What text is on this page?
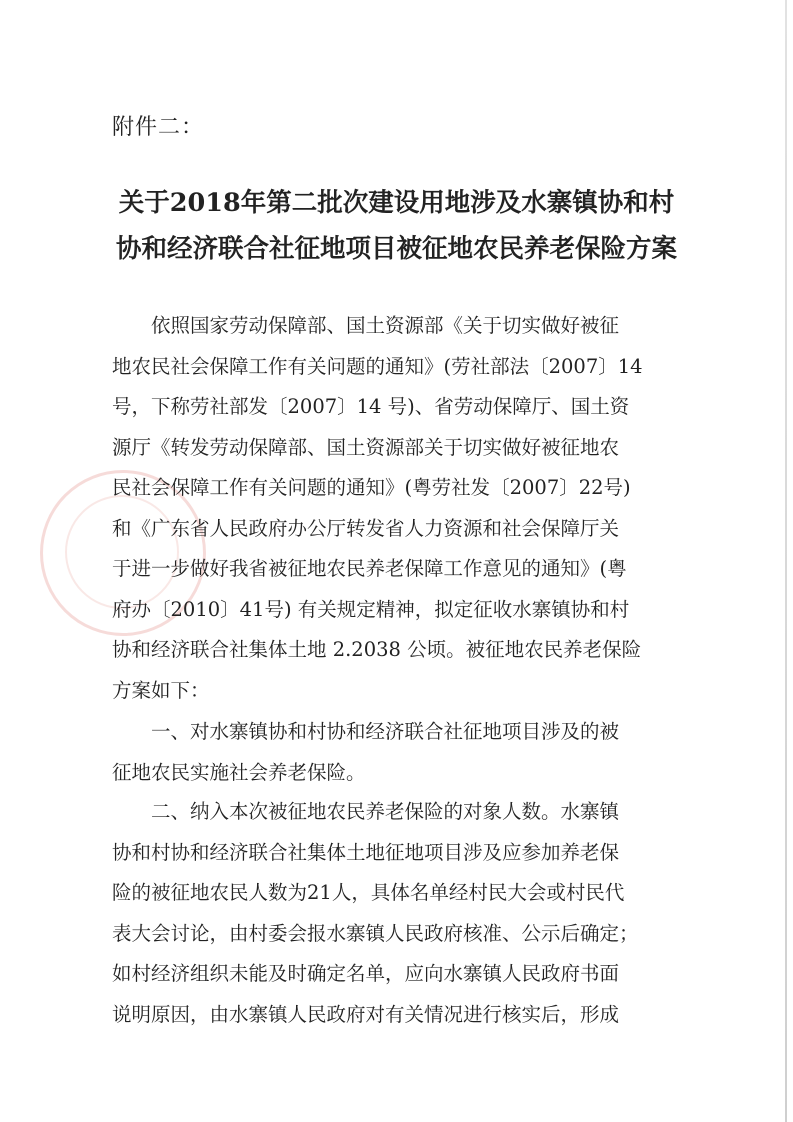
附件二：
关于2018年第二批次建设用地涉及水寨镇协和村
协和经济联合社征地项目被征地农民养老保险方案
　　依照国家劳动保障部、国土资源部《关于切实做好被征
地农民社会保障工作有关问题的通知》(劳社部法〔2007〕14
号，下称劳社部发〔2007〕14 号)、省劳动保障厅、国土资
源厅《转发劳动保障部、国土资源部关于切实做好被征地农
民社会保障工作有关问题的通知》(粤劳社发〔2007〕22号)
和《广东省人民政府办公厅转发省人力资源和社会保障厅关
于进一步做好我省被征地农民养老保障工作意见的通知》(粤
府办〔2010〕41号) 有关规定精神，拟定征收水寨镇协和村
协和经济联合社集体土地 2.2038 公顷。被征地农民养老保险
方案如下：
　　一、对水寨镇协和村协和经济联合社征地项目涉及的被
征地农民实施社会养老保险。
　　二、纳入本次被征地农民养老保险的对象人数。水寨镇
协和村协和经济联合社集体土地征地项目涉及应参加养老保
险的被征地农民人数为21人，具体名单经村民大会或村民代
表大会讨论，由村委会报水寨镇人民政府核准、公示后确定；
如村经济组织未能及时确定名单，应向水寨镇人民政府书面
说明原因，由水寨镇人民政府对有关情况进行核实后，形成
